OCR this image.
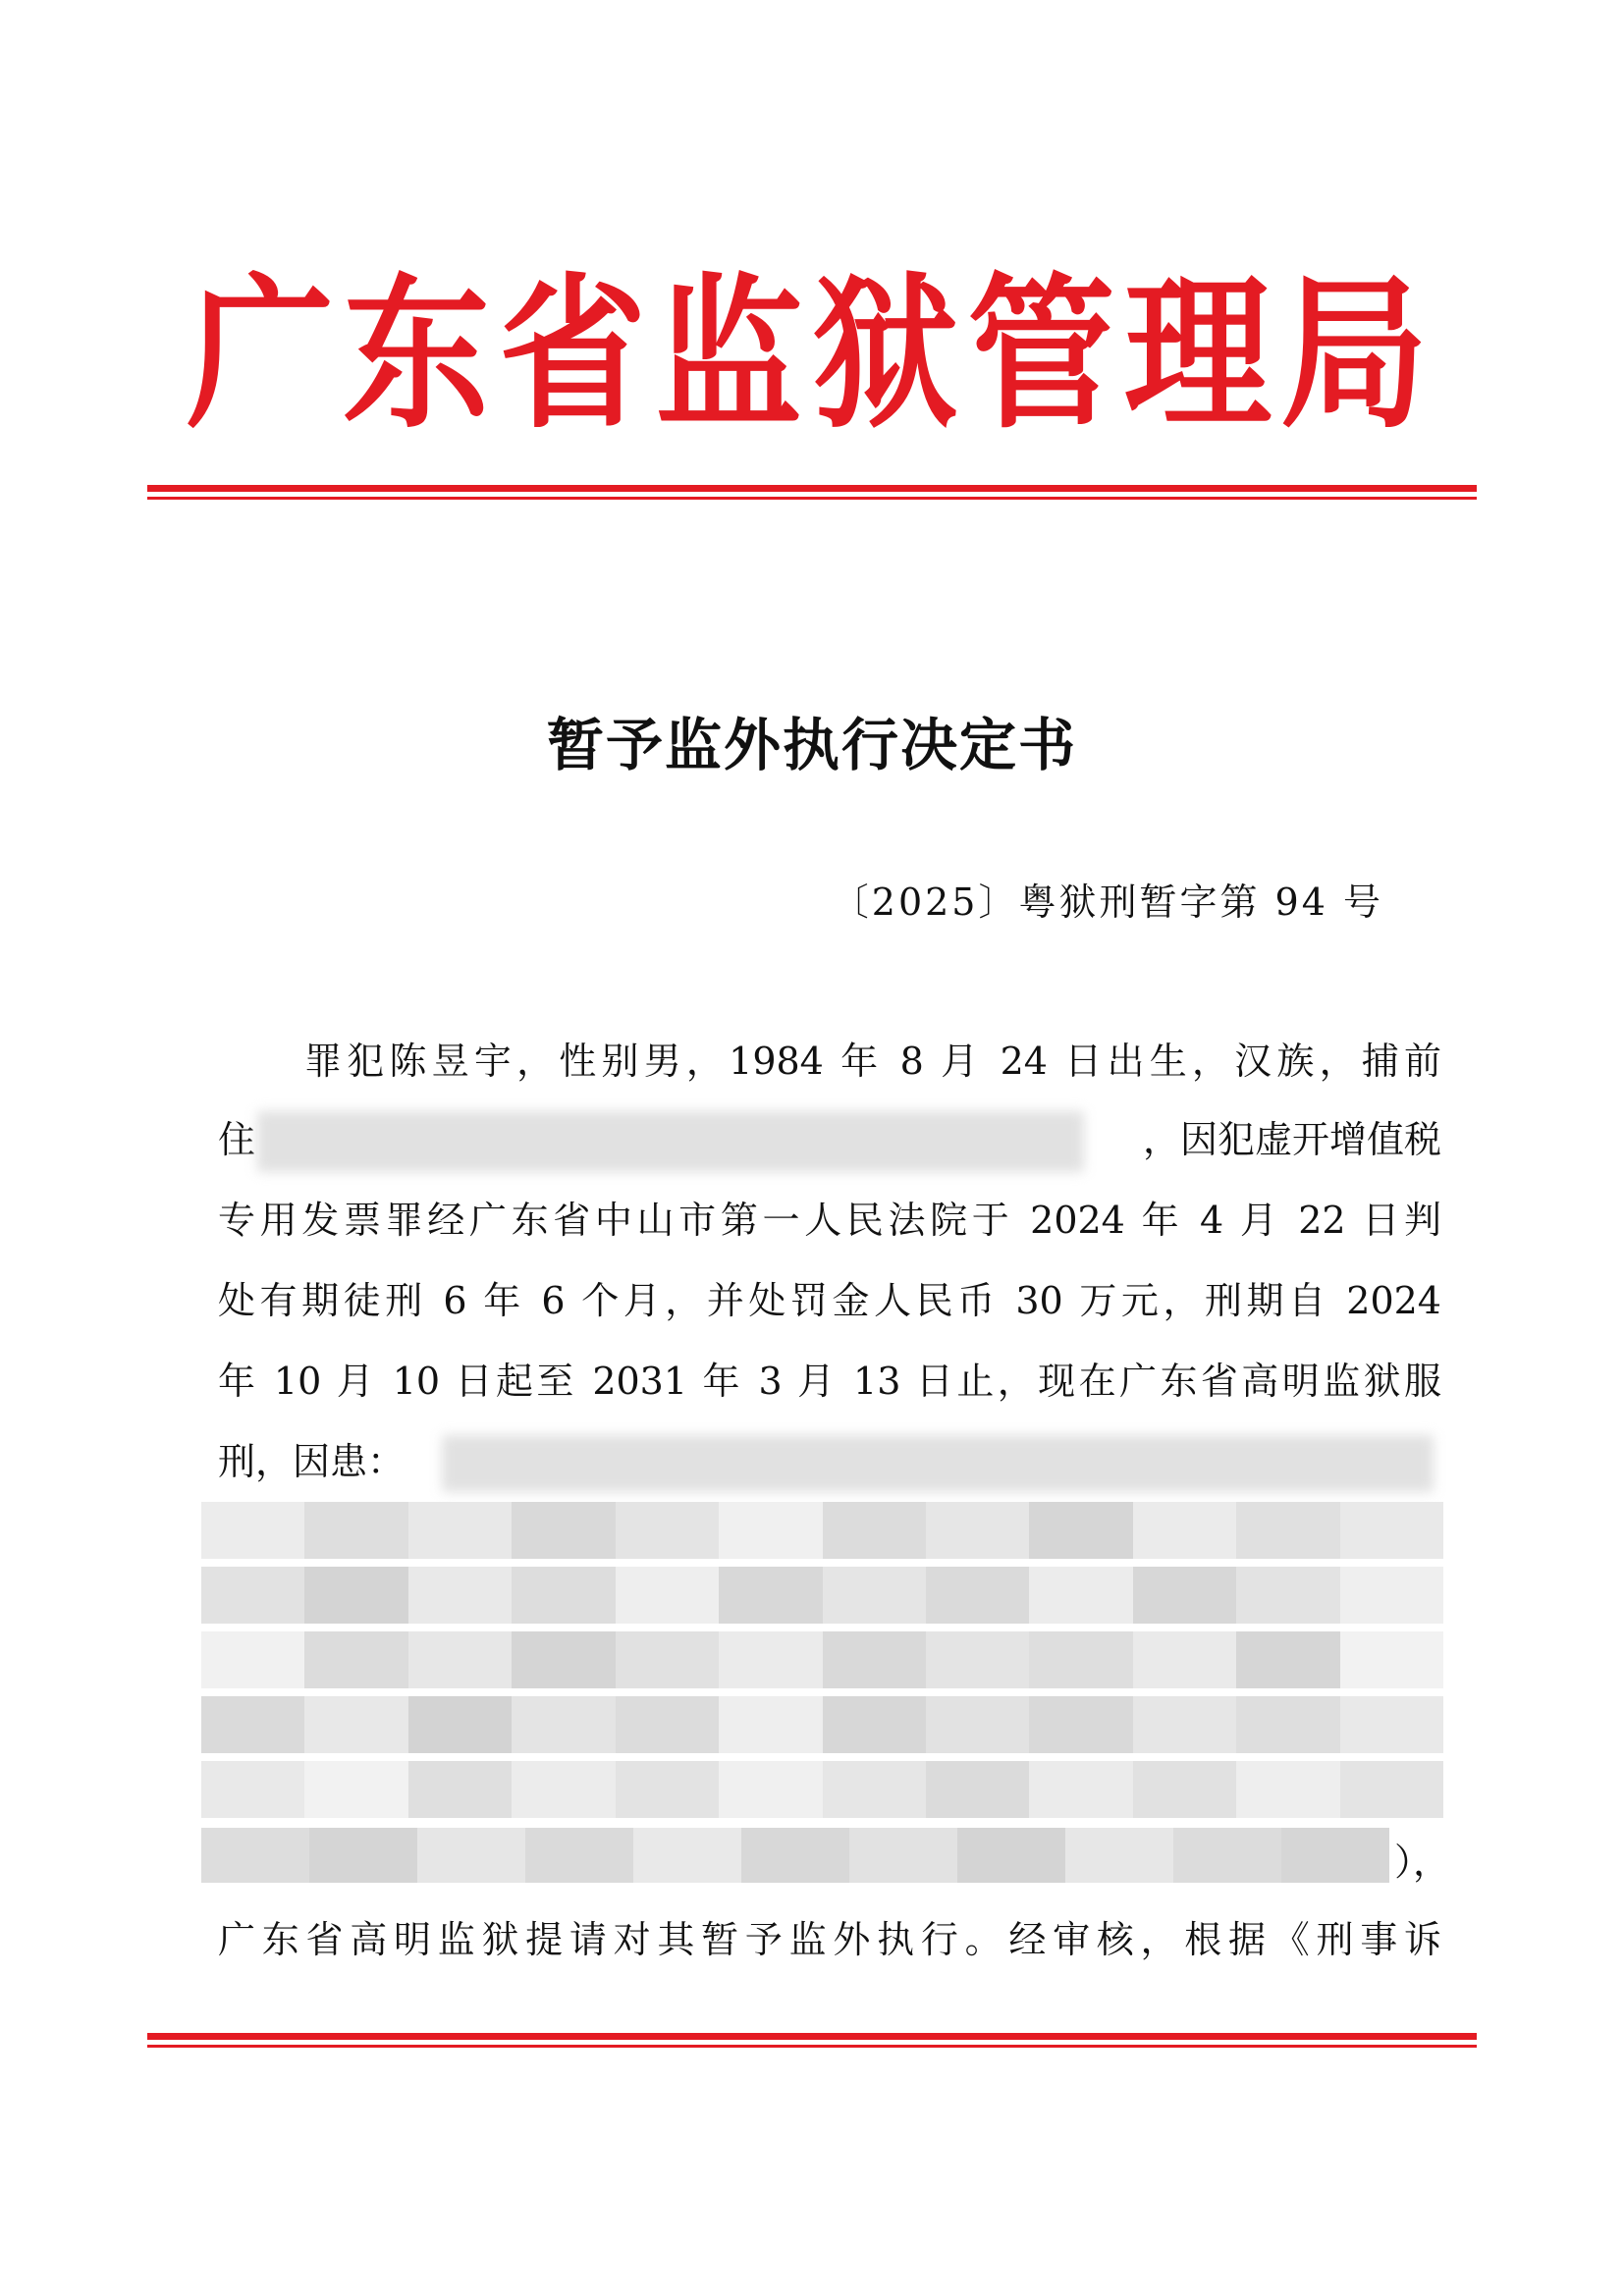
广 东 省 监 狱 管 理 局
暂予监外执行决定书
〔2025〕粤狱刑暂字第 94 号
罪犯陈昱宇，性别男，1984 年 8 月 24 日出生，汉族，捕前
住	，因犯虚开增值税
专用发票罪经广东省中山市第一人民法院于 2024 年 4 月 22 日判
处有期徒刑 6 年 6 个月，并处罚金人民币 30 万元，刑期自 2024
年 10 月 10 日起至 2031 年 3 月 13 日止，现在广东省高明监狱服
刑，因患：
），
广东省高明监狱提请对其暂予监外执行。经审核，根据《刑事诉
